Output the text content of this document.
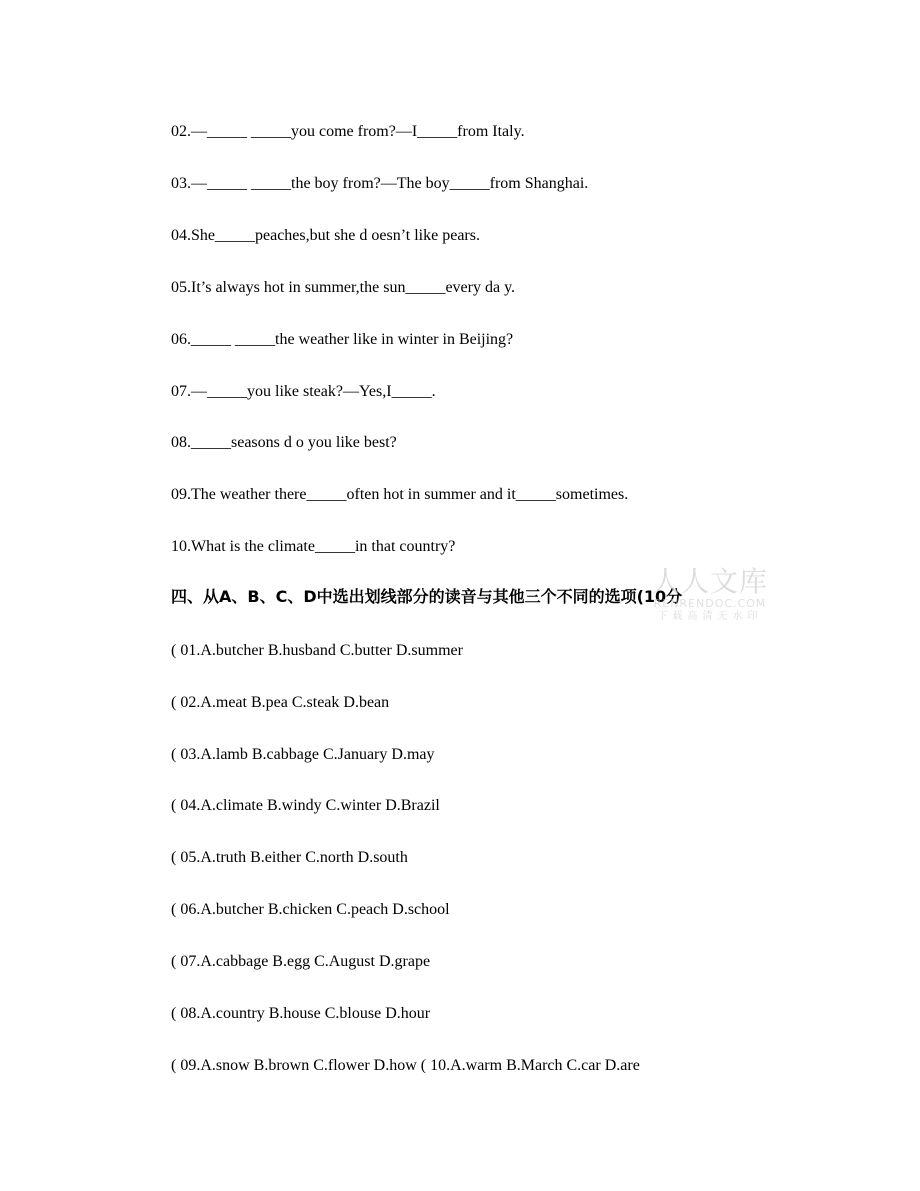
02.—_____ _____you come from?—I_____from Italy.
03.—_____ _____the boy from?—The boy_____from Shanghai.
04.She_____peaches,but she d oesn’t like pears.
05.It’s always hot in summer,the sun_____every da y.
06._____ _____the weather like in winter in Beijing?
07.—_____you like steak?—Yes,I_____.
08._____seasons d o you like best?
09.The weather there_____often hot in summer and it_____sometimes.
10.What is the climate_____in that country?
四、从A、B、C、D中选出划线部分的读音与其他三个不同的选项(10分
( 01.A.butcher B.husband C.butter D.summer
( 02.A.meat B.pea C.steak D.bean
( 03.A.lamb B.cabbage C.January D.may
( 04.A.climate B.windy C.winter D.Brazil
( 05.A.truth B.either C.north D.south
( 06.A.butcher B.chicken C.peach D.school
( 07.A.cabbage B.egg C.August D.grape
( 08.A.country B.house C.blouse D.hour
( 09.A.snow B.brown C.flower D.how ( 10.A.warm B.March C.car D.are
人人文库
RENRENDOC.COM
下载高清无水印
